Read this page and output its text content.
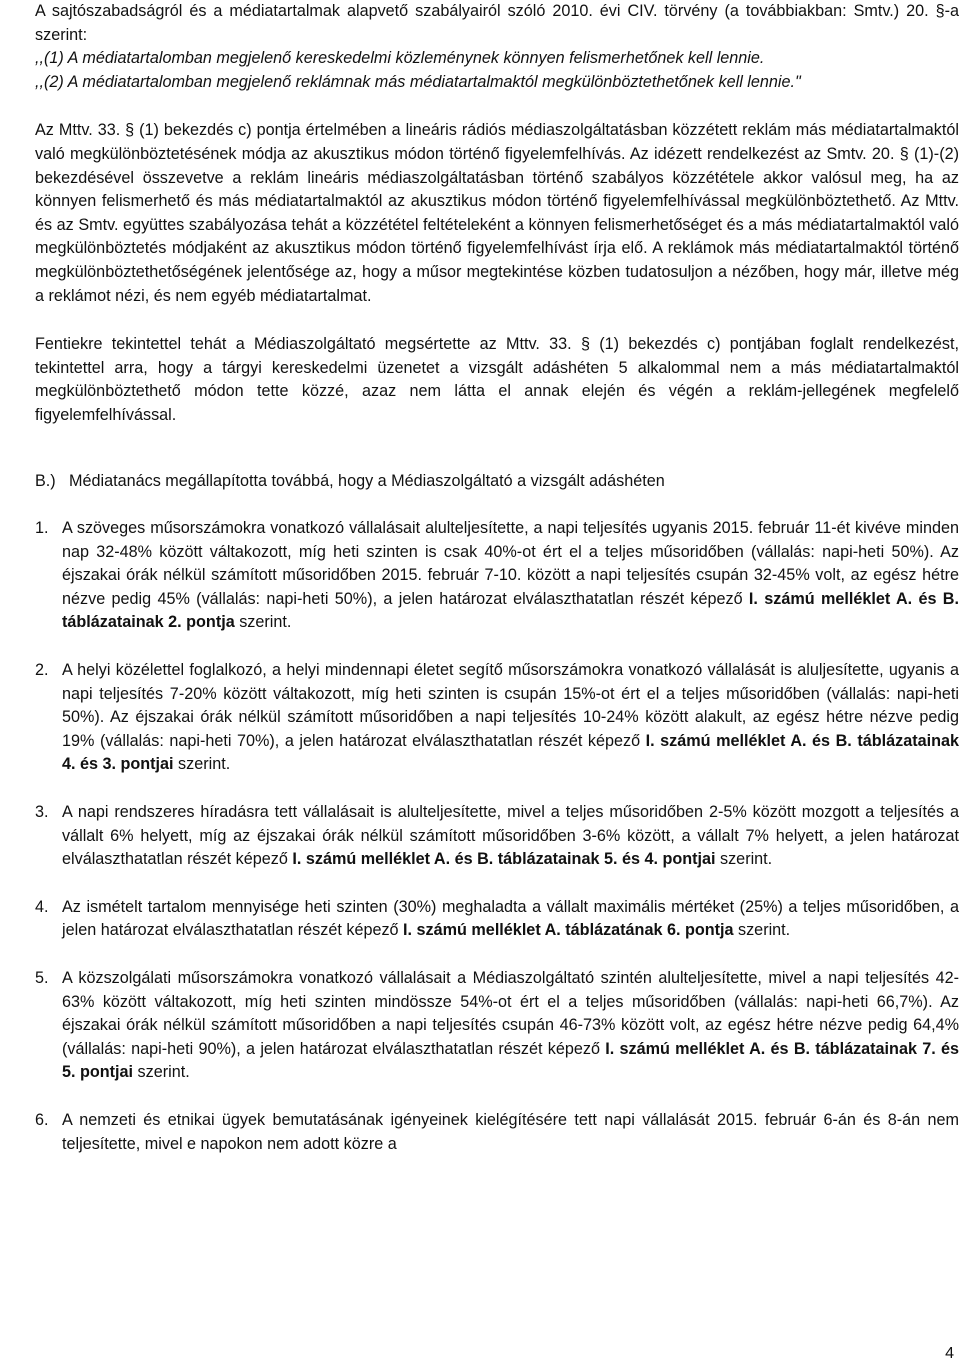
A sajtószabadságról és a médiatartalmak alapvető szabályairól szóló 2010. évi CIV. törvény (a továbbiakban: Smtv.) 20. §-a szerint:

,,(1) A médiatartalomban megjelenő kereskedelmi közleménynek könnyen felismerhetőnek kell lennie.

,,(2) A médiatartalomban megjelenő reklámnak más médiatartalmaktól megkülönböztethetőnek kell lennie."

Az Mttv. 33. § (1) bekezdés c) pontja értelmében a lineáris rádiós médiaszolgáltatásban közzétett reklám más médiatartalmaktól való megkülönböztetésének módja az akusztikus módon történő figyelemfelhívás. Az idézett rendelkezést az Smtv. 20. § (1)-(2) bekezdésével összevetve a reklám lineáris médiaszolgáltatásban történő szabályos közzététele akkor valósul meg, ha az könnyen felismerhető és más médiatartalmaktól az akusztikus módon történő figyelemfelhívással megkülönböztethető. Az Mttv. és az Smtv. együttes szabályozása tehát a közzététel feltételeként a könnyen felismerhetőséget és a más médiatartalmaktól való megkülönböztetés módjaként az akusztikus módon történő figyelemfelhívást írja elő. A reklámok más médiatartalmaktól történő megkülönböztethetőségének jelentősége az, hogy a műsor megtekintése közben tudatosuljon a nézőben, hogy már, illetve még a reklámot nézi, és nem egyéb médiatartalmat.

Fentiekre tekintettel tehát a Médiaszolgáltató megsértette az Mttv. 33. § (1) bekezdés c) pontjában foglalt rendelkezést, tekintettel arra, hogy a tárgyi kereskedelmi üzenetet a vizsgált adáshéten 5 alkalommal nem a más médiatartalmaktól megkülönböztethető módon tette közzé, azaz nem látta el annak elején és végén a reklám-jellegének megfelelő figyelemfelhívással.

B.) Médiatanács megállapította továbbá, hogy a Médiaszolgáltató a vizsgált adáshéten
1. A szöveges műsorszámokra vonatkozó vállalásait alulteljesítette, a napi teljesítés ugyanis 2015. február 11-ét kivéve minden nap 32-48% között váltakozott, míg heti szinten is csak 40%-ot ért el a teljes műsoridőben (vállalás: napi-heti 50%). Az éjszakai órák nélkül számított műsoridőben 2015. február 7-10. között a napi teljesítés csupán 32-45% volt, az egész hétre nézve pedig 45% (vállalás: napi-heti 50%), a jelen határozat elválaszthatatlan részét képező I. számú melléklet A. és B. táblázatainak 2. pontja szerint.

2. A helyi közélettel foglalkozó, a helyi mindennapi életet segítő műsorszámokra vonatkozó vállalását is aluljesítette, ugyanis a napi teljesítés 7-20% között váltakozott, míg heti szinten is csupán 15%-ot ért el a teljes műsoridőben (vállalás: napi-heti 50%). Az éjszakai órák nélkül számított műsoridőben a napi teljesítés 10-24% között alakult, az egész hétre nézve pedig 19% (vállalás: napi-heti 70%), a jelen határozat elválaszthatatlan részét képező I. számú melléklet A. és B. táblázatainak 4. és 3. pontjai szerint.

3. A napi rendszeres híradásra tett vállalásait is alulteljesítette, mivel a teljes műsoridőben 2-5% között mozgott a teljesítés a vállalt 6% helyett, míg az éjszakai órák nélkül számított műsoridőben 3-6% között, a vállalt 7% helyett, a jelen határozat elválaszthatatlan részét képező I. számú melléklet A. és B. táblázatainak 5. és 4. pontjai szerint.

4. Az ismételt tartalom mennyisége heti szinten (30%) meghaladta a vállalt maximális mértéket (25%) a teljes műsoridőben, a jelen határozat elválaszthatatlan részét képező I. számú melléklet A. táblázatának 6. pontja szerint.

5. A közszolgálati műsorszámokra vonatkozó vállalásait a Médiaszolgáltató szintén alulteljesítette, mivel a napi teljesítés 42-63% között váltakozott, míg heti szinten mindössze 54%-ot ért el a teljes műsoridőben (vállalás: napi-heti 66,7%). Az éjszakai órák nélkül számított műsoridőben a napi teljesítés csupán 46-73% között volt, az egész hétre nézve pedig 64,4% (vállalás: napi-heti 90%), a jelen határozat elválaszthatatlan részét képező I. számú melléklet A. és B. táblázatainak 7. és 5. pontjai szerint.

6. A nemzeti és etnikai ügyek bemutatásának igényeinek kielégítésére tett napi vállalását 2015. február 6-án és 8-án nem teljesítette, mivel e napokon nem adott közre a

4
